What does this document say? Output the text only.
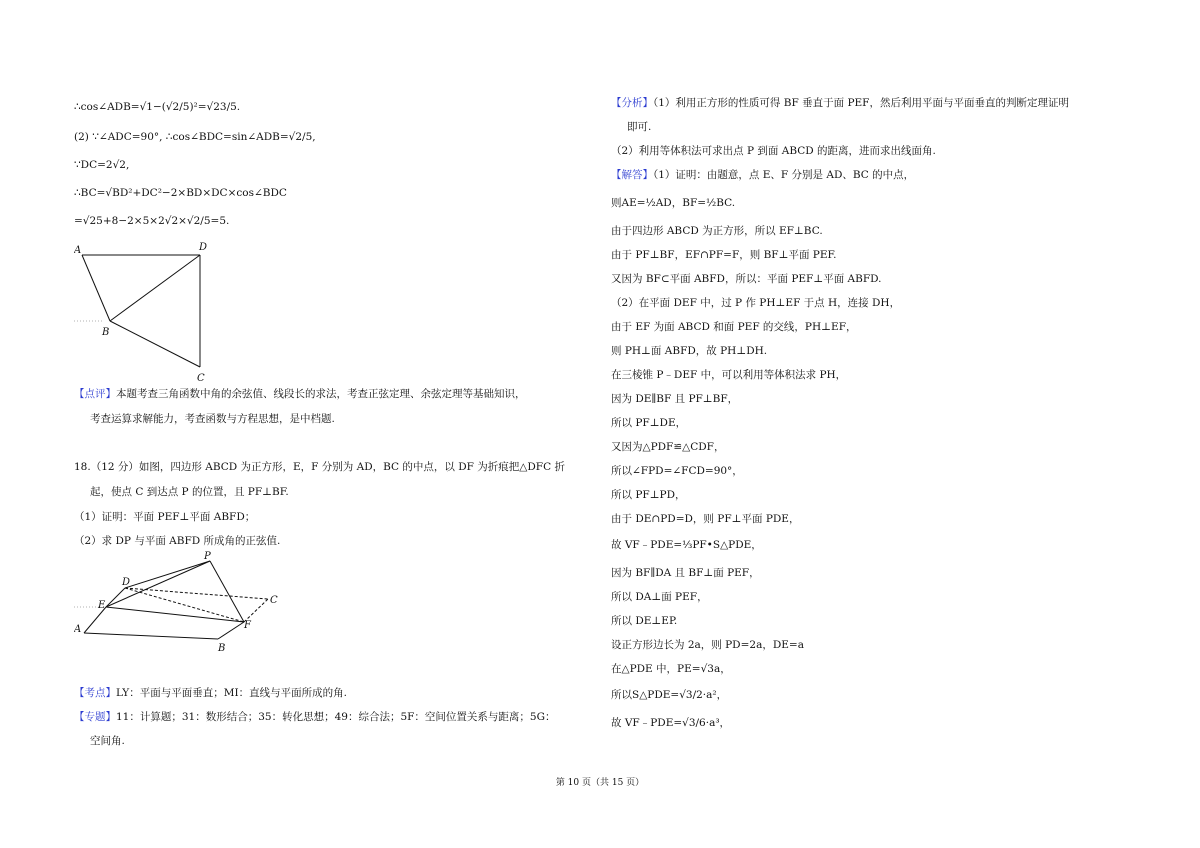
∴cos∠ADB=√1−(√2/5)²=√23/5.
(2) ∵∠ADC=90°, ∴cos∠BDC=sin∠ADB=√2/5,
∵DC=2√2,
∴BC=√BD²+DC²−2×BD×DC×cos∠BDC
=√25+8−2×5×2√2×√2/5=5.
A	D
B
C
【点评】本题考查三角函数中角的余弦值、线段长的求法，考查正弦定理、余弦定理等基础知识，
考查运算求解能力，考查函数与方程思想，是中档题.
18.（12 分）如图，四边形 ABCD 为正方形，E，F 分别为 AD，BC 的中点，以 DF 为折痕把△DFC 折
起，使点 C 到达点 P 的位置，且 PF⊥BF.
（1）证明：平面 PEF⊥平面 ABFD；
（2）求 DP 与平面 ABFD 所成角的正弦值.
P
D
E	C
A	F
B
【考点】LY：平面与平面垂直；MI：直线与平面所成的角.
【专题】11：计算题；31：数形结合；35：转化思想；49：综合法；5F：空间位置关系与距离；5G：
空间角.
【分析】（1）利用正方形的性质可得 BF 垂直于面 PEF，然后利用平面与平面垂直的判断定理证明
即可.
（2）利用等体积法可求出点 P 到面 ABCD 的距离，进而求出线面角.
【解答】（1）证明：由题意，点 E、F 分别是 AD、BC 的中点，
则AE=½AD，BF=½BC.
由于四边形 ABCD 为正方形，所以 EF⊥BC.
由于 PF⊥BF，EF∩PF=F，则 BF⊥平面 PEF.
又因为 BF⊂平面 ABFD，所以：平面 PEF⊥平面 ABFD.
（2）在平面 DEF 中，过 P 作 PH⊥EF 于点 H，连接 DH，
由于 EF 为面 ABCD 和面 PEF 的交线，PH⊥EF，
则 PH⊥面 ABFD，故 PH⊥DH.
在三棱锥 P﹣DEF 中，可以利用等体积法求 PH，
因为 DE∥BF 且 PF⊥BF，
所以 PF⊥DE，
又因为△PDF≌△CDF，
所以∠FPD=∠FCD=90°，
所以 PF⊥PD，
由于 DE∩PD=D，则 PF⊥平面 PDE，
故 VF﹣PDE=⅓PF•S△PDE，
因为 BF∥DA 且 BF⊥面 PEF，
所以 DA⊥面 PEF，
所以 DE⊥EP.
设正方形边长为 2a，则 PD=2a，DE=a
在△PDE 中，PE=√3a，
所以S△PDE=√3/2·a²，
故 VF﹣PDE=√3/6·a³，
第 10 页（共 15 页）
